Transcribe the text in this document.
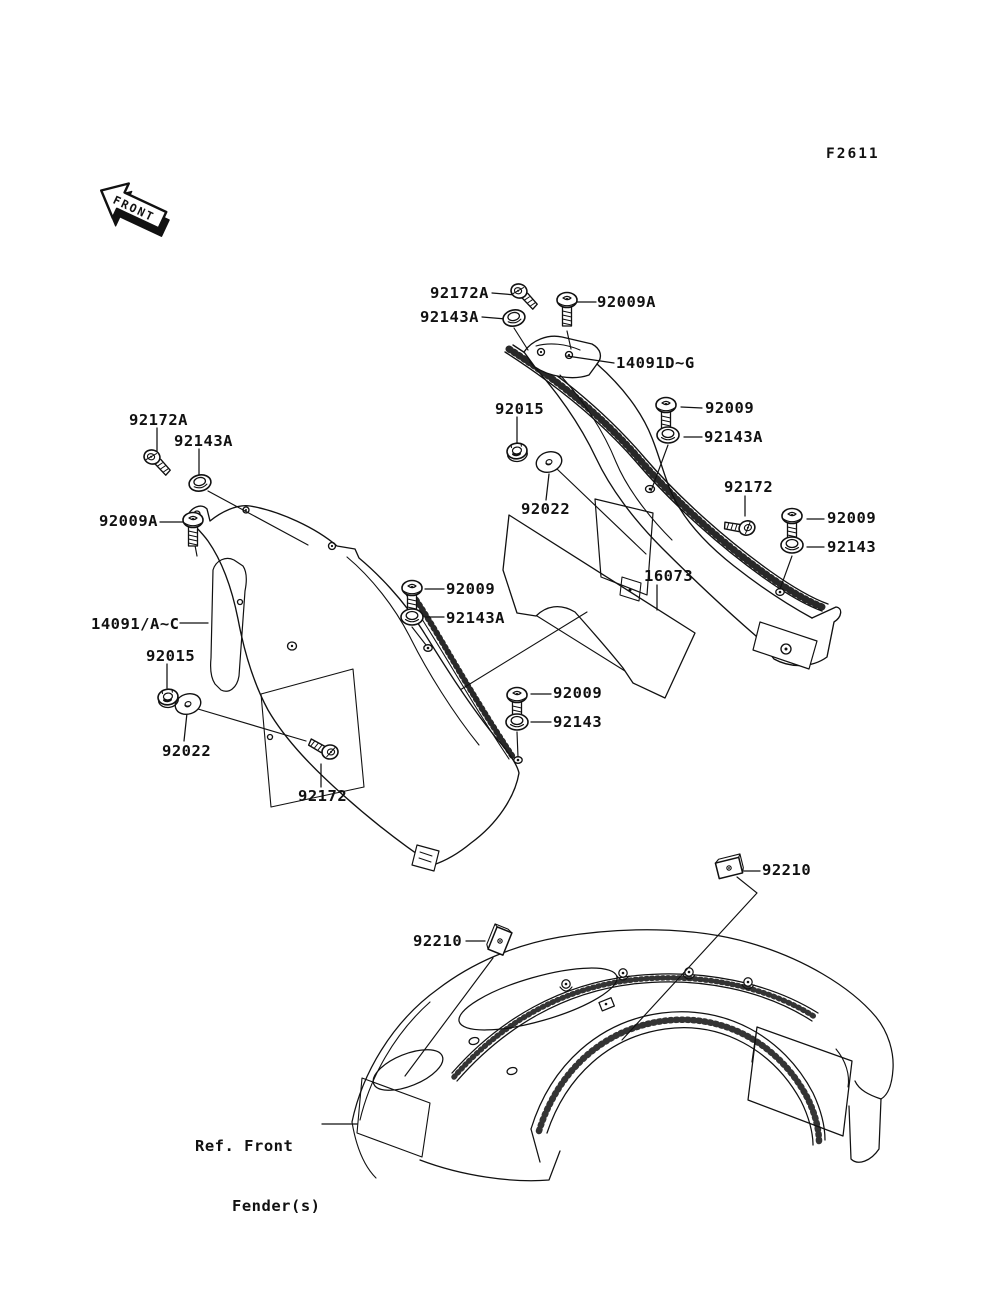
FRONT
F2611
92172A	92009A
92143A
14091D~G
92015	92009
92143A
92022
92172
92009
92143
92172A
92143A
92009A
14091/A~C
92015
92022
92009
92143A
16073
92009
92143
92172
92210
92210

Ref. Front

Fender(s)
